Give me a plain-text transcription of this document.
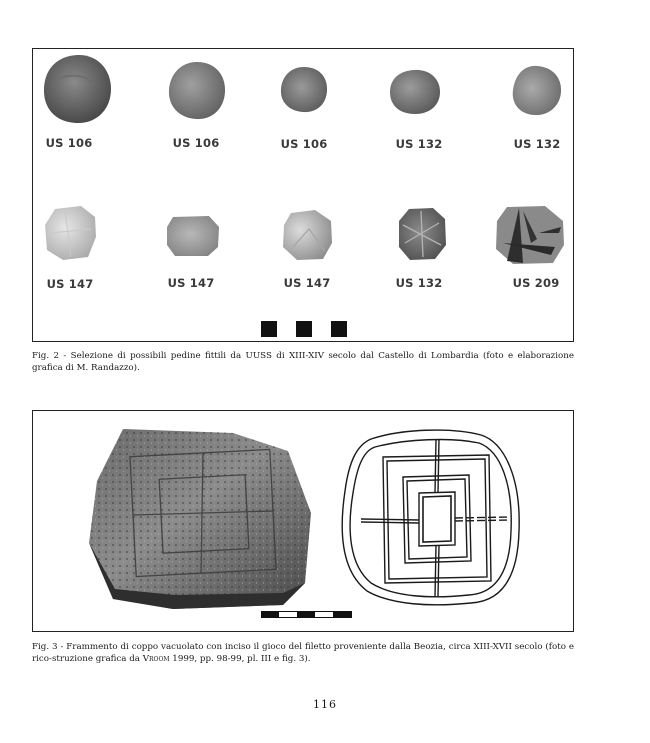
US 106	US 106	US 106	US 132	US 132
US 147	US 147	US 147	US 132	US 209
Fig. 2 - Selezione di possibili pedine fittili da UUSS di XIII-XIV secolo dal Castello di Lombardia (foto e elaborazione grafica di M. Randazzo).
Fig. 3 - Frammento di coppo vacuolato con inciso il gioco del filetto proveniente dalla Beozia, circa XIII-XVII secolo (foto e rico-struzione grafica da Vroom 1999, pp. 98-99, pl. III e fig. 3).
116
